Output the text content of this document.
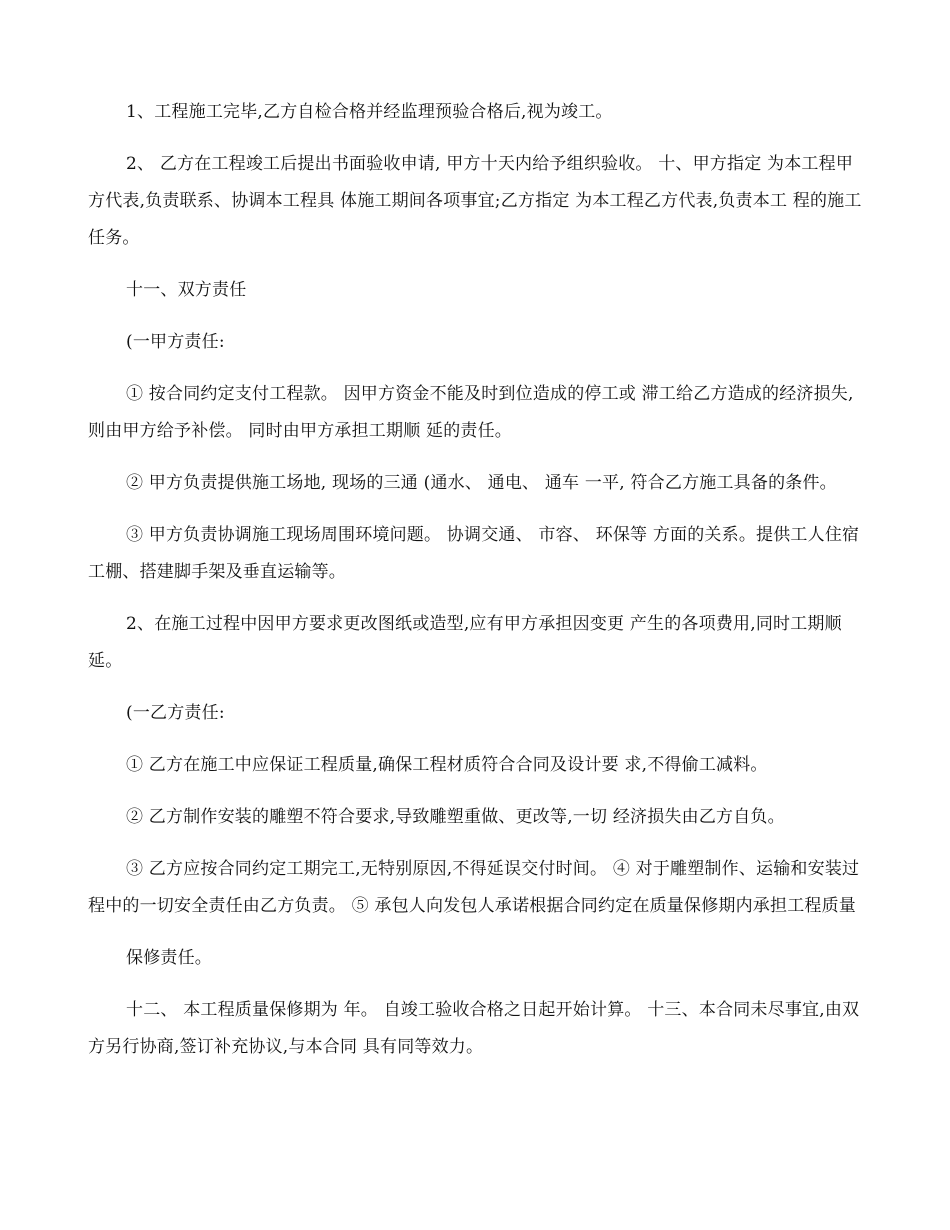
1、工程施工完毕,乙方自检合格并经监理预验合格后,视为竣工。

2、 乙方在工程竣工后提出书面验收申请, 甲方十天内给予组织验收。 十、甲方指定 为本工程甲方代表,负责联系、协调本工程具 体施工期间各项事宜;乙方指定 为本工程乙方代表,负责本工 程的施工任务。

十一、双方责任

(一甲方责任:

① 按合同约定支付工程款。 因甲方资金不能及时到位造成的停工或 滞工给乙方造成的经济损失, 则由甲方给予补偿。 同时由甲方承担工期顺 延的责任。

② 甲方负责提供施工场地, 现场的三通 (通水、 通电、 通车 一平, 符合乙方施工具备的条件。

③ 甲方负责协调施工现场周围环境问题。 协调交通、 市容、 环保等 方面的关系。提供工人住宿工棚、搭建脚手架及垂直运输等。

2、在施工过程中因甲方要求更改图纸或造型,应有甲方承担因变更 产生的各项费用,同时工期顺延。

(一乙方责任:

① 乙方在施工中应保证工程质量,确保工程材质符合合同及设计要 求,不得偷工减料。

② 乙方制作安装的雕塑不符合要求,导致雕塑重做、更改等,一切 经济损失由乙方自负。

③ 乙方应按合同约定工期完工,无特别原因,不得延误交付时间。 ④ 对于雕塑制作、运输和安装过程中的一切安全责任由乙方负责。 ⑤ 承包人向发包人承诺根据合同约定在质量保修期内承担工程质量

保修责任。

十二、 本工程质量保修期为 年。 自竣工验收合格之日起开始计算。 十三、本合同未尽事宜,由双方另行协商,签订补充协议,与本合同 具有同等效力。
